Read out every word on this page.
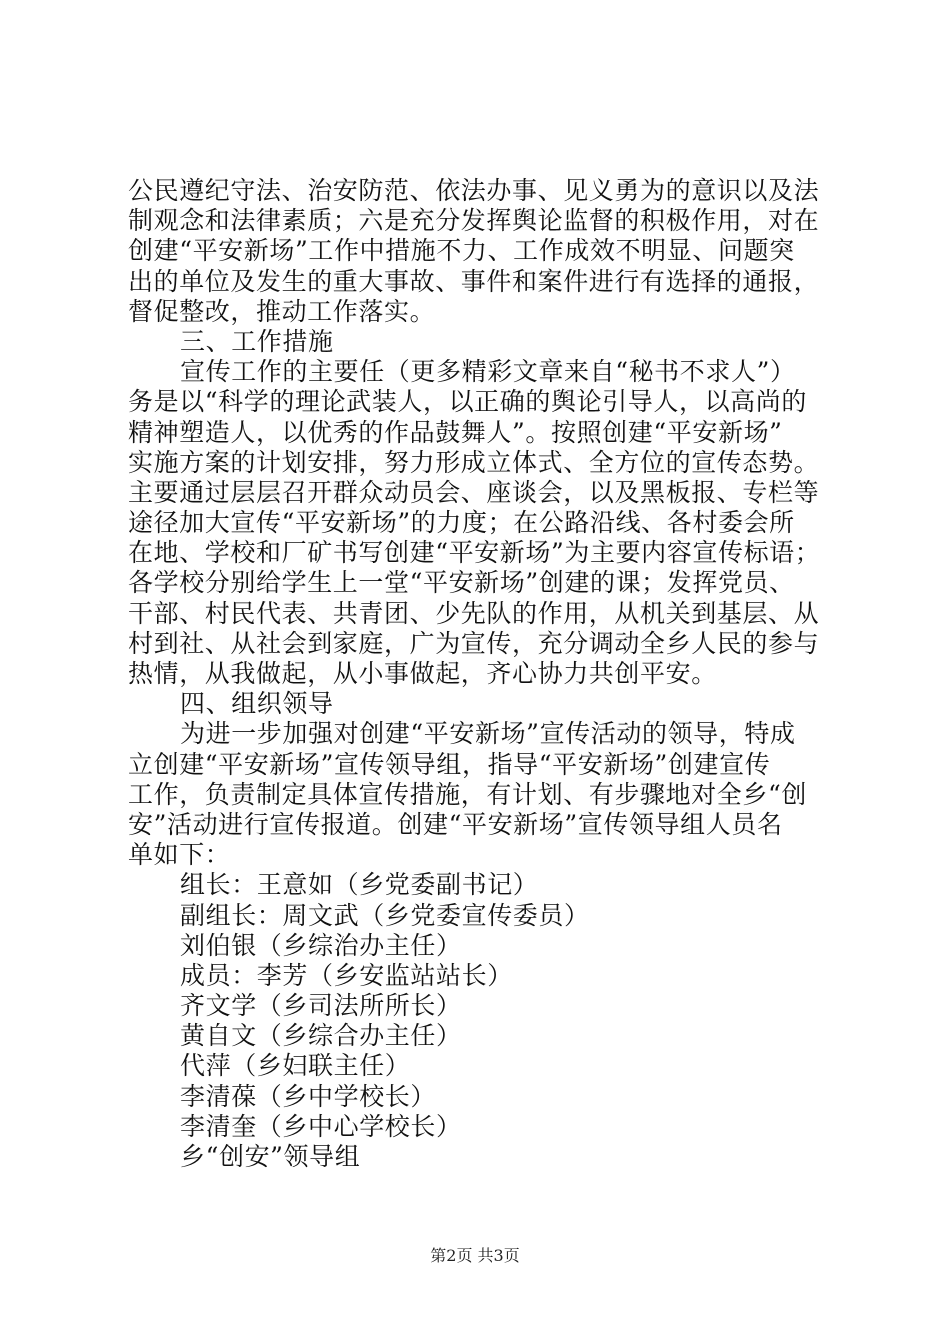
公民遵纪守法、治安防范、依法办事、见义勇为的意识以及法
制观念和法律素质；六是充分发挥舆论监督的积极作用，对在
创建“平安新场”工作中措施不力、工作成效不明显、问题突
出的单位及发生的重大事故、事件和案件进行有选择的通报，
督促整改，推动工作落实。
三、工作措施
宣传工作的主要任（更多精彩文章来自“秘书不求人”）
务是以“科学的理论武装人，以正确的舆论引导人，以高尚的
精神塑造人，以优秀的作品鼓舞人”。按照创建“平安新场”
实施方案的计划安排，努力形成立体式、全方位的宣传态势。
主要通过层层召开群众动员会、座谈会，以及黑板报、专栏等
途径加大宣传“平安新场”的力度；在公路沿线、各村委会所
在地、学校和厂矿书写创建“平安新场”为主要内容宣传标语；
各学校分别给学生上一堂“平安新场”创建的课；发挥党员、
干部、村民代表、共青团、少先队的作用，从机关到基层、从
村到社、从社会到家庭，广为宣传，充分调动全乡人民的参与
热情，从我做起，从小事做起，齐心协力共创平安。
四、组织领导
为进一步加强对创建“平安新场”宣传活动的领导，特成
立创建“平安新场”宣传领导组，指导“平安新场”创建宣传
工作，负责制定具体宣传措施，有计划、有步骤地对全乡“创
安”活动进行宣传报道。创建“平安新场”宣传领导组人员名
单如下：
组长：王意如（乡党委副书记）
副组长：周文武（乡党委宣传委员）
刘伯银（乡综治办主任）
成员：李芳（乡安监站站长）
齐文学（乡司法所所长）
黄自文（乡综合办主任）
代萍（乡妇联主任）
李清葆（乡中学校长）
李清奎（乡中心学校长）
乡“创安”领导组
第2页 共3页
